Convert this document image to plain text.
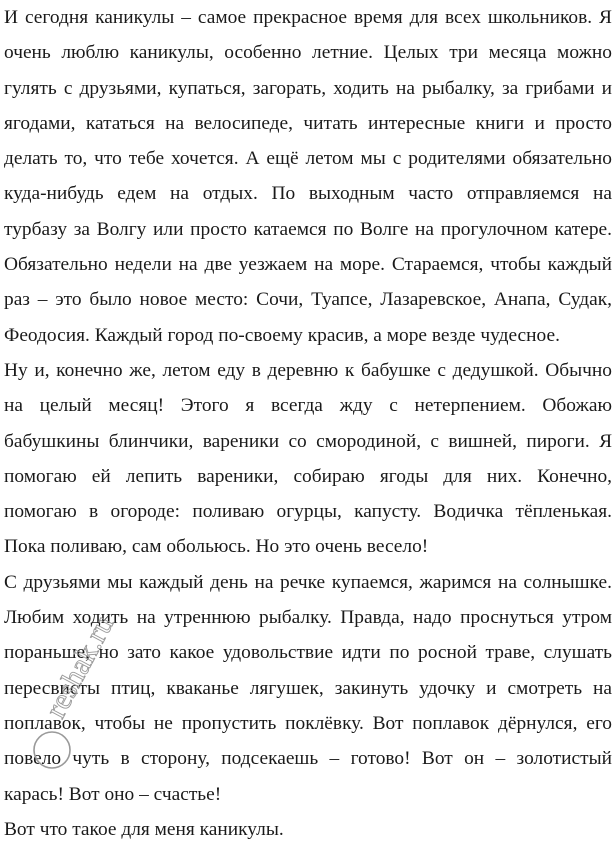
И сегодня каникулы – самое прекрасное время для всех школьников. Я
очень люблю каникулы, особенно летние. Целых три месяца можно
гулять с друзьями, купаться, загорать, ходить на рыбалку, за грибами и
ягодами, кататься на велосипеде, читать интересные книги и просто
делать то, что тебе хочется. А ещё летом мы с родителями обязательно
куда-нибудь едем на отдых. По выходным часто отправляемся на
турбазу за Волгу или просто катаемся по Волге на прогулочном катере.
Обязательно недели на две уезжаем на море. Стараемся, чтобы каждый
раз – это было новое место: Сочи, Туапсе, Лазаревское, Анапа, Судак,
Феодосия. Каждый город по-своему красив, а море везде чудесное.
Ну и, конечно же, летом еду в деревню к бабушке с дедушкой. Обычно
на целый месяц! Этого я всегда жду с нетерпением. Обожаю
бабушкины блинчики, вареники со смородиной, с вишней, пироги. Я
помогаю ей лепить вареники, собираю ягоды для них. Конечно,
помогаю в огороде: поливаю огурцы, капусту. Водичка тёпленькая.
Пока поливаю, сам обольюсь. Но это очень весело!
С друзьями мы каждый день на речке купаемся, жаримся на солнышке.
Любим ходить на утреннюю рыбалку. Правда, надо проснуться утром
пораньше, но зато какое удовольствие идти по росной траве, слушать
пересвисты птиц, кваканье лягушек, закинуть удочку и смотреть на
поплавок, чтобы не пропустить поклёвку. Вот поплавок дёрнулся, его
повело чуть в сторону, подсекаешь – готово! Вот он – золотистый
карась! Вот оно – счастье!
Вот что такое для меня каникулы.
reshak.ru
